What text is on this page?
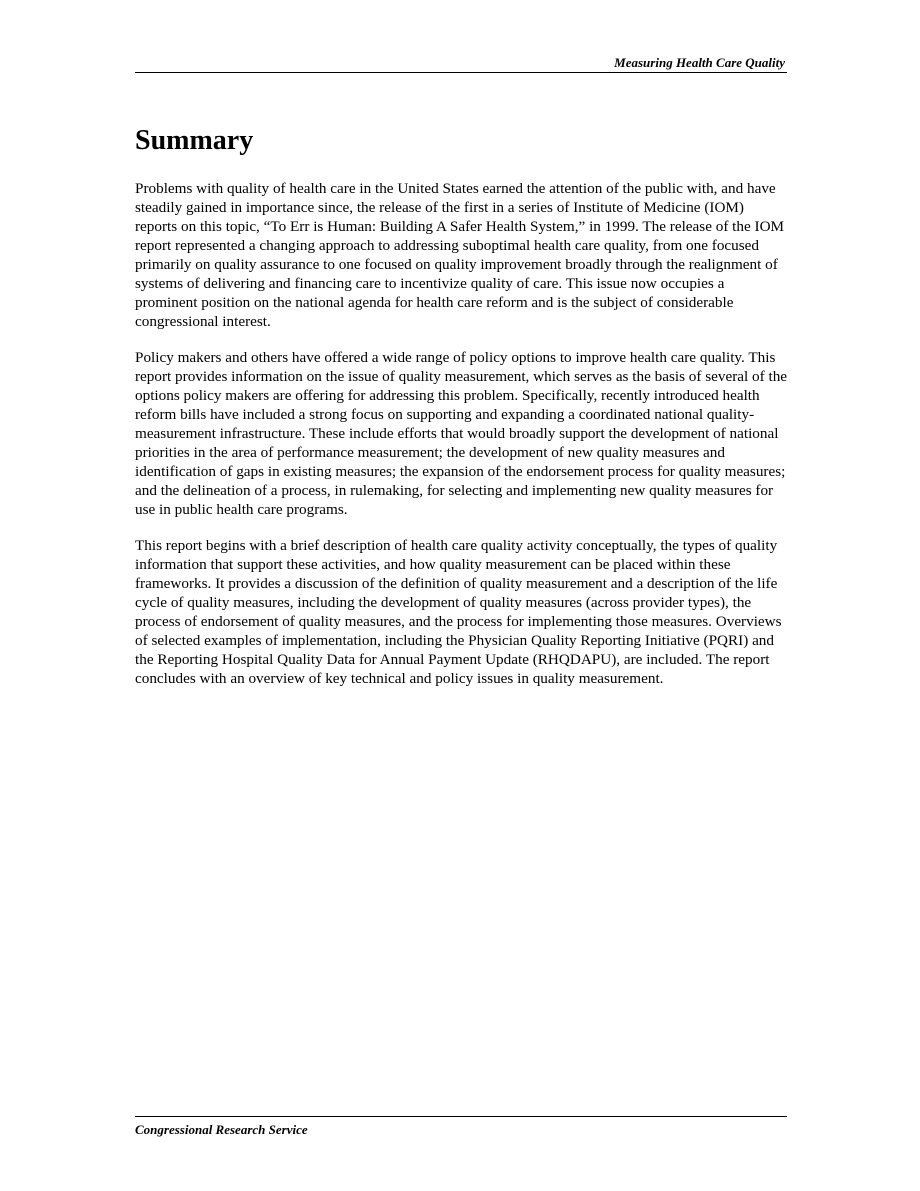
Measuring Health Care Quality
Summary

Problems with quality of health care in the United States earned the attention of the public with, and have steadily gained in importance since, the release of the first in a series of Institute of Medicine (IOM) reports on this topic, “To Err is Human: Building A Safer Health System,” in 1999. The release of the IOM report represented a changing approach to addressing suboptimal health care quality, from one focused primarily on quality assurance to one focused on quality improvement broadly through the realignment of systems of delivering and financing care to incentivize quality of care. This issue now occupies a prominent position on the national agenda for health care reform and is the subject of considerable congressional interest.

Policy makers and others have offered a wide range of policy options to improve health care quality. This report provides information on the issue of quality measurement, which serves as the basis of several of the options policy makers are offering for addressing this problem. Specifically, recently introduced health reform bills have included a strong focus on supporting and expanding a coordinated national quality-measurement infrastructure. These include efforts that would broadly support the development of national priorities in the area of performance measurement; the development of new quality measures and identification of gaps in existing measures; the expansion of the endorsement process for quality measures; and the delineation of a process, in rulemaking, for selecting and implementing new quality measures for use in public health care programs.

This report begins with a brief description of health care quality activity conceptually, the types of quality information that support these activities, and how quality measurement can be placed within these frameworks. It provides a discussion of the definition of quality measurement and a description of the life cycle of quality measures, including the development of quality measures (across provider types), the process of endorsement of quality measures, and the process for implementing those measures. Overviews of selected examples of implementation, including the Physician Quality Reporting Initiative (PQRI) and the Reporting Hospital Quality Data for Annual Payment Update (RHQDAPU), are included. The report concludes with an overview of key technical and policy issues in quality measurement.

Congressional Research Service
